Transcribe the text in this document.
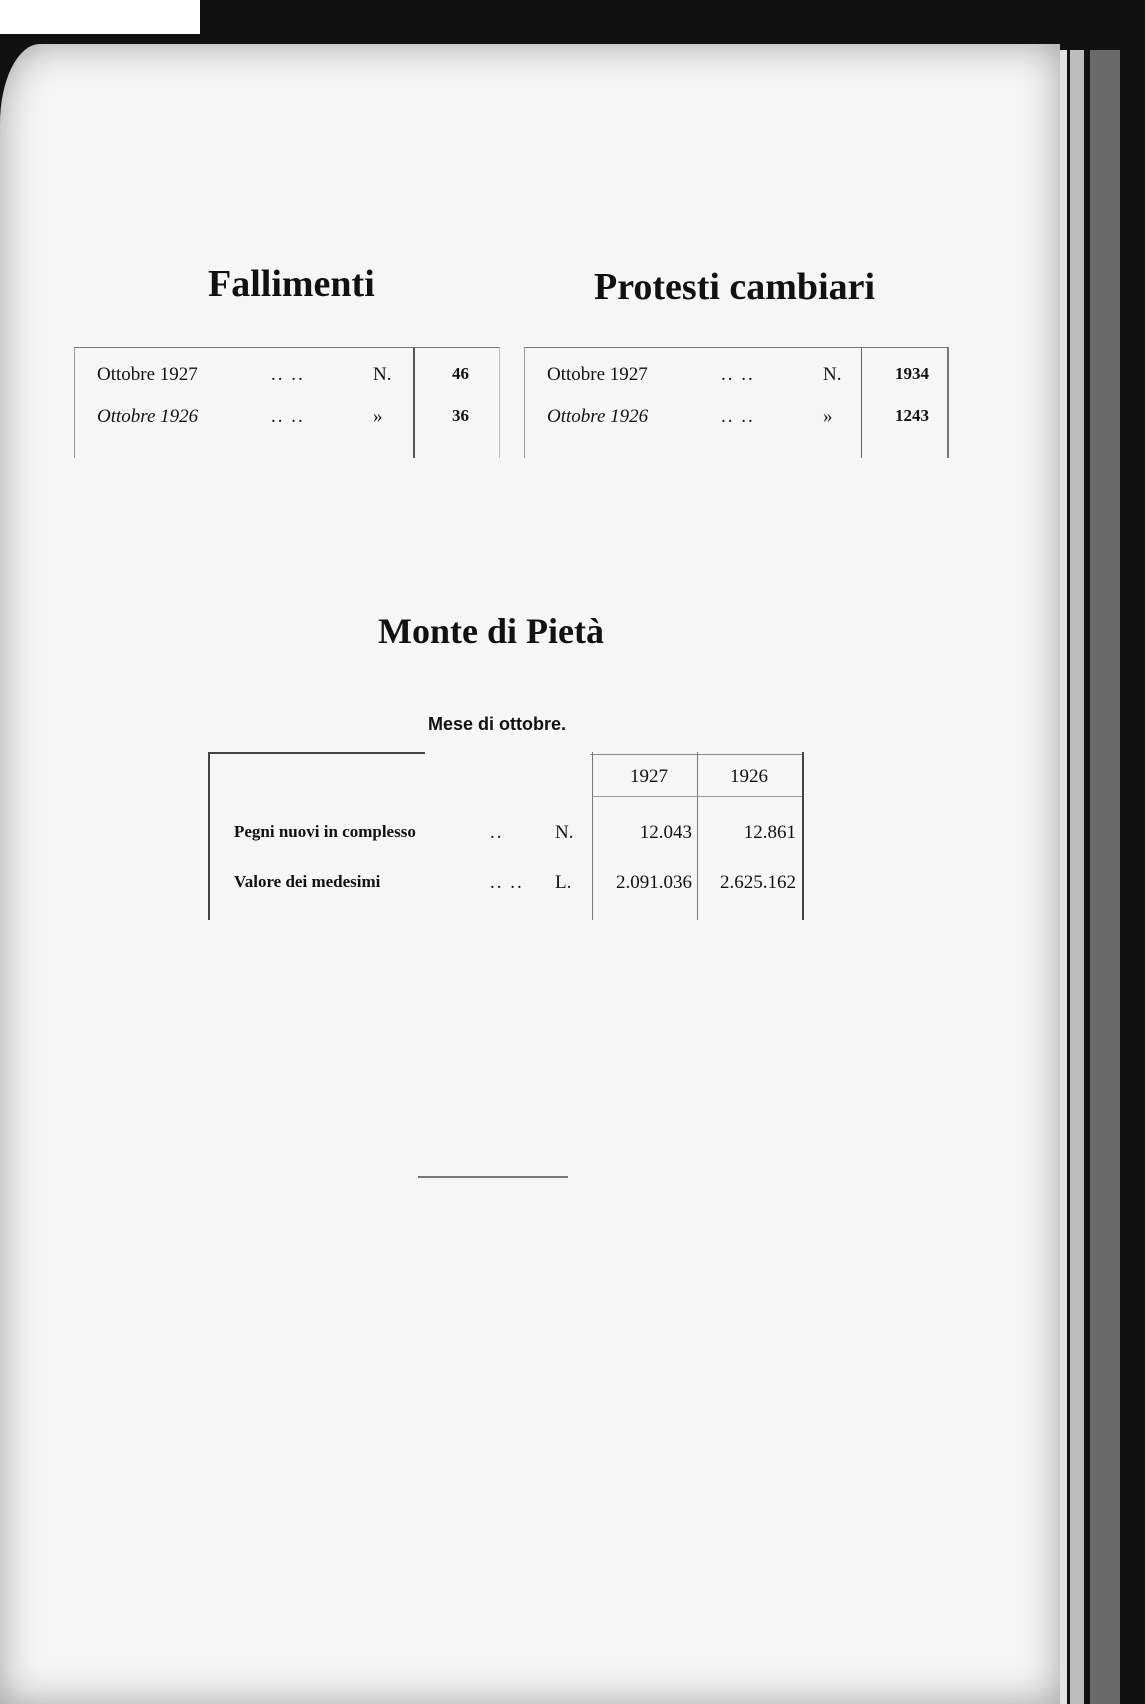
Fallimenti	Protesti cambiari
Ottobre 1927	.. ..	N.	46
Ottobre 1926	.. ..	»	36
Ottobre 1927	.. ..	N.	1934
Ottobre 1926	.. ..	»	1243
Monte di Pietà

Mese di ottobre.

1927	1926
Pegni nuovi in complesso	..	N.	12.043	12.861
Valore dei medesimi	.. .. L.	2.091.036	2.625.162
